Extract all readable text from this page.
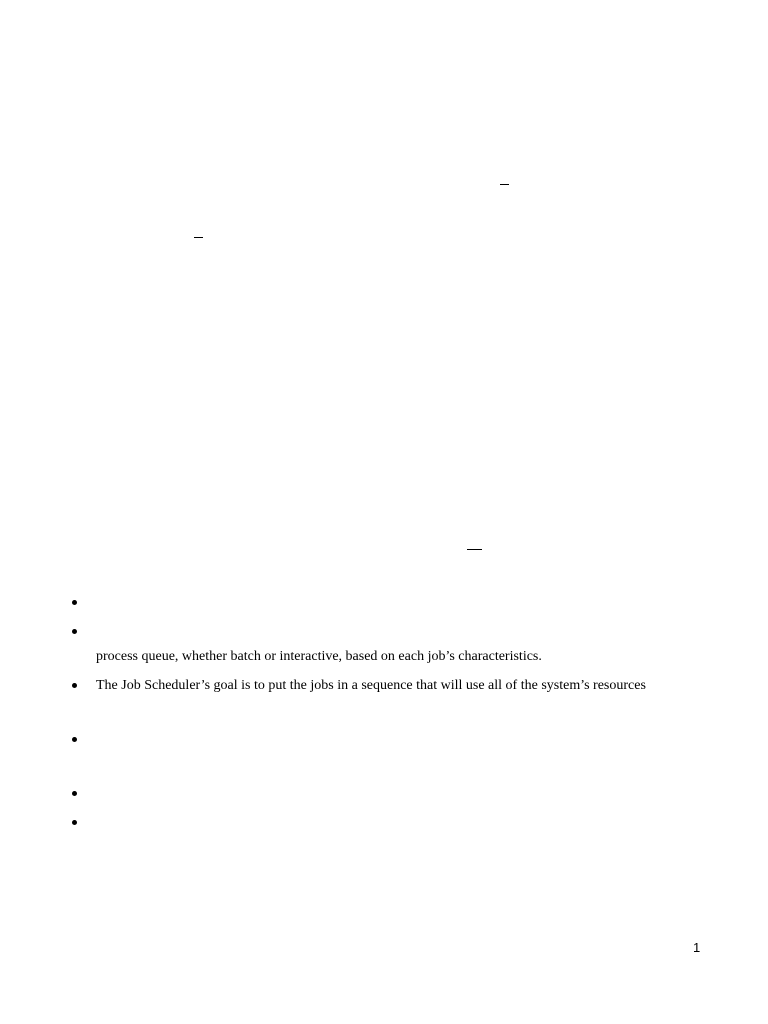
process queue, whether batch or interactive, based on each job’s characteristics.
The Job Scheduler’s goal is to put the jobs in a sequence that will use all of the system’s resources
1
